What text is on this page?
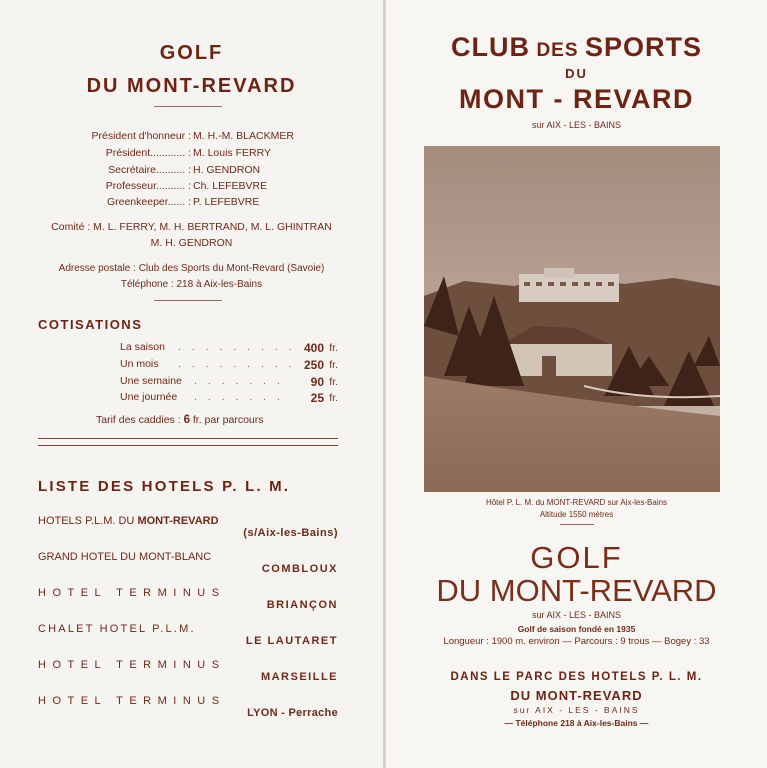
GOLF
DU MONT-REVARD
Président d'honneur : M. H.-M. BLACKMER
Président............ : M. Louis FERRY
Secrétaire.......... : H. GENDRON
Professeur.......... : Ch. LEFEBVRE
Greenkeeper...... : P. LEFEBVRE
Comité : M. L. FERRY, M. H. BERTRAND, M. L. GHINTRAN
M. H. GENDRON
Adresse postale : Club des Sports du Mont-Revard (Savoie)
Téléphone : 218 à Aix-les-Bains
COTISATIONS
La saison . . . . . . . . . 400 fr.
Un mois . . . . . . . . . 250 fr.
Une semaine . . . . . . . 90 fr.
Une journée . . . . . . . 25 fr.
Tarif des caddies : 6 fr. par parcours
LISTE DES HOTELS P. L. M.
HOTELS P.L.M. DU MONT-REVARD
(s/Aix-les-Bains)
GRAND HOTEL DU MONT-BLANC
COMBLOUX
HOTEL TERMINUS
BRIANÇON
CHALET HOTEL P.L.M.
LE LAUTARET
HOTEL TERMINUS
MARSEILLE
HOTEL TERMINUS
LYON - Perrache
CLUB DES SPORTS
DU
MONT - REVARD
sur AIX - LES - BAINS
Hôtel P. L. M. du MONT-REVARD sur Aix-les-Bains
Altitude 1550 mètres
GOLF
DU MONT-REVARD
sur AIX - LES - BAINS
Golf de saison fondé en 1935
Longueur : 1900 m. environ — Parcours : 9 trous — Bogey : 33
DANS LE PARC DES HOTELS P. L. M.
DU MONT-REVARD
sur AIX - LES - BAINS
— Téléphone 218 à Aix-les-Bains —
